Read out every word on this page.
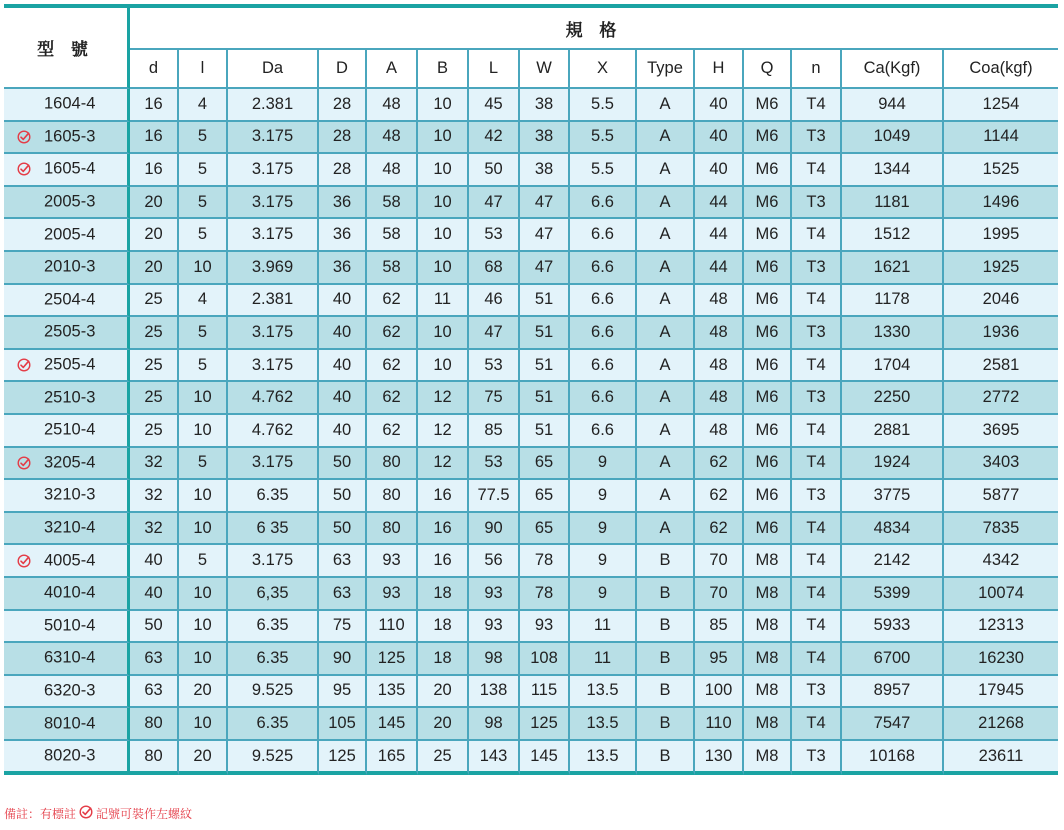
型 號	規 格														
	d	l	Da	D	A	B	L	W	X	Type	H	Q	n	Ca(Kgf)	Coa(kgf)

1604-4	16	4	2.381	28	48	10	45	38	5.5	A	40	M6	T4	944	1254

1605-3	16	5	3.175	28	48	10	42	38	5.5	A	40	M6	T3	1049	1144

1605-4	16	5	3.175	28	48	10	50	38	5.5	A	40	M6	T4	1344	1525

2005-3	20	5	3.175	36	58	10	47	47	6.6	A	44	M6	T3	1181	1496

2005-4	20	5	3.175	36	58	10	53	47	6.6	A	44	M6	T4	1512	1995

2010-3	20	10	3.969	36	58	10	68	47	6.6	A	44	M6	T3	1621	1925

2504-4	25	4	2.381	40	62	11	46	51	6.6	A	48	M6	T4	1178	2046

2505-3	25	5	3.175	40	62	10	47	51	6.6	A	48	M6	T3	1330	1936

2505-4	25	5	3.175	40	62	10	53	51	6.6	A	48	M6	T4	1704	2581

2510-3	25	10	4.762	40	62	12	75	51	6.6	A	48	M6	T3	2250	2772

2510-4	25	10	4.762	40	62	12	85	51	6.6	A	48	M6	T4	2881	3695

3205-4	32	5	3.175	50	80	12	53	65	9	A	62	M6	T4	1924	3403

3210-3	32	10	6.35	50	80	16	77.5	65	9	A	62	M6	T3	3775	5877

3210-4	32	10	6 35	50	80	16	90	65	9	A	62	M6	T4	4834	7835

4005-4	40	5	3.175	63	93	16	56	78	9	B	70	M8	T4	2142	4342

4010-4	40	10	6,35	63	93	18	93	78	9	B	70	M8	T4	5399	10074

5010-4	50	10	6.35	75	110	18	93	93	11	B	85	M8	T4	5933	12313

6310-4	63	10	6.35	90	125	18	98	108	11	B	95	M8	T4	6700	16230

6320-3	63	20	9.525	95	135	20	138	115	13.5	B	100	M8	T3	8957	17945

8010-4	80	10	6.35	105	145	20	98	125	13.5	B	110	M8	T4	7547	21268

8020-3	80	20	9.525	125	165	25	143	145	13.5	B	130	M8	T3	10168	23611
備註：有標註 記號可裝作左螺紋
